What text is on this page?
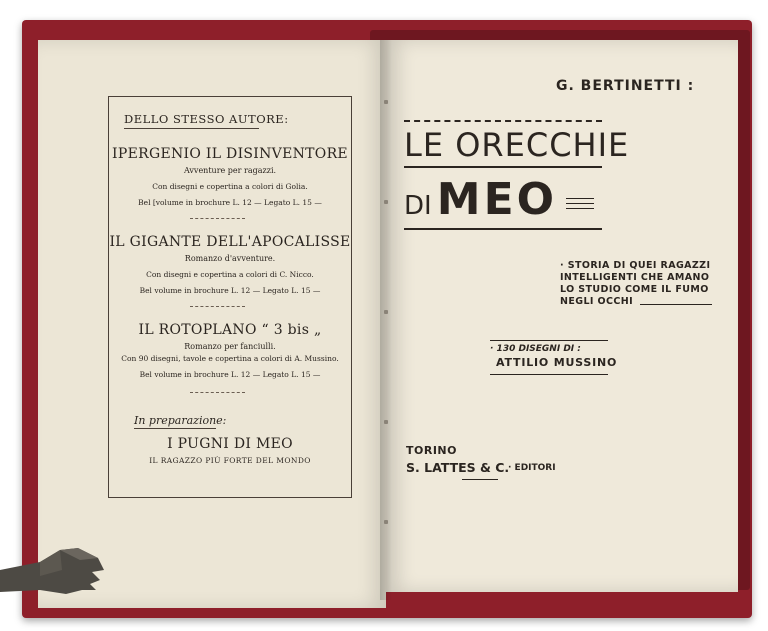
DELLO STESSO AUTORE:
IPERGENIO IL DISINVENTORE
Avventure per ragazzi.
Con disegni e copertina a colori di Golia.
Bel [volume in brochure L. 12 — Legato L. 15 —
IL GIGANTE DELL'APOCALISSE
Romanzo d'avventure.
Con disegni e copertina a colori di C. Nicco.
Bel volume in brochure L. 12 — Legato L. 15 —
IL ROTOPLANO “ 3 bis „
Romanzo per fanciulli.
Con 90 disegni, tavole e copertina a colori di A. Mussino.
Bel volume in brochure L. 12 — Legato L. 15 —
In preparazione:
I PUGNI DI MEO
IL RAGAZZO PIÙ FORTE DEL MONDO
G. BERTINETTI :
LE ORECCHIE
DI MEO
· STORIA DI QUEI RAGAZZI
INTELLIGENTI CHE AMANO
LO STUDIO COME IL FUMO
NEGLI OCCHI
· 130 DISEGNI DI :
ATTILIO MUSSINO
TORINO
S. LATTES & C.
· EDITORI
